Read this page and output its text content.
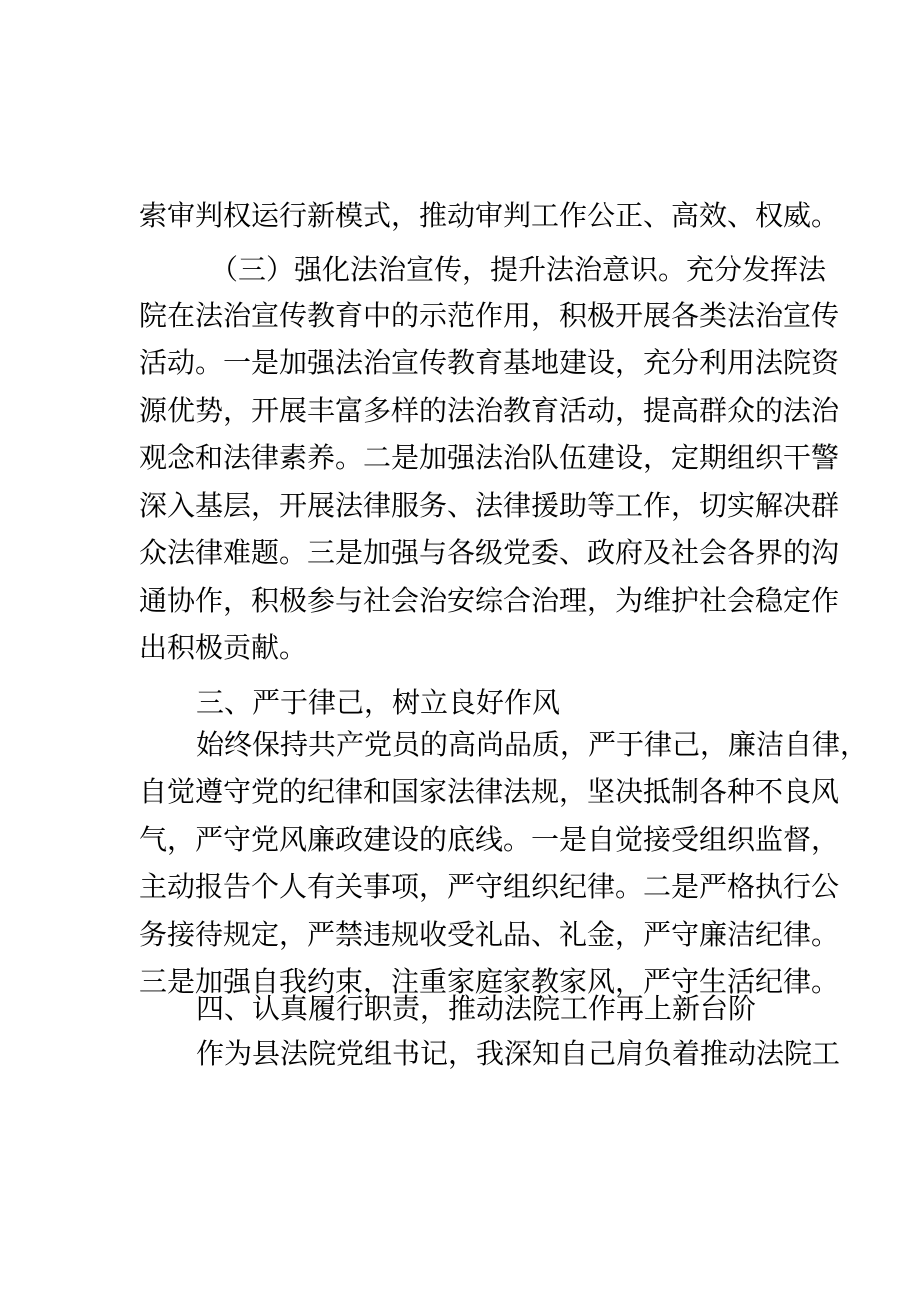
索审判权运行新模式，推动审判工作公正、高效、权威。
（三）强化法治宣传，提升法治意识。充分发挥法
院在法治宣传教育中的示范作用，积极开展各类法治宣传
活动。一是加强法治宣传教育基地建设，充分利用法院资
源优势，开展丰富多样的法治教育活动，提高群众的法治
观念和法律素养。二是加强法治队伍建设，定期组织干警
深入基层，开展法律服务、法律援助等工作，切实解决群
众法律难题。三是加强与各级党委、政府及社会各界的沟
通协作，积极参与社会治安综合治理，为维护社会稳定作
出积极贡献。
三、严于律己，树立良好作风
始终保持共产党员的高尚品质，严于律己，廉洁自律，
自觉遵守党的纪律和国家法律法规，坚决抵制各种不良风
气，严守党风廉政建设的底线。一是自觉接受组织监督，
主动报告个人有关事项，严守组织纪律。二是严格执行公
务接待规定，严禁违规收受礼品、礼金，严守廉洁纪律。
三是加强自我约束，注重家庭家教家风，严守生活纪律。
四、认真履行职责，推动法院工作再上新台阶
作为县法院党组书记，我深知自己肩负着推动法院工
